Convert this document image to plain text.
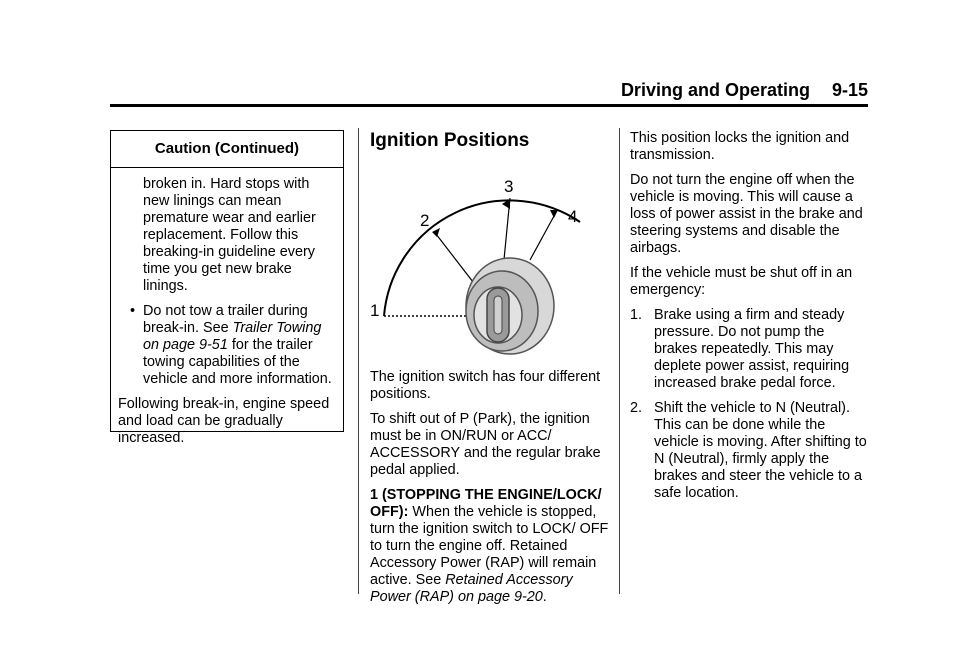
Driving and Operating 9-15
Caution (Continued)

broken in. Hard stops with new linings can mean premature wear and earlier replacement. Follow this breaking-in guideline every time you get new brake linings.

• Do not tow a trailer during break-in. See Trailer Towing on page 9-51 for the trailer towing capabilities of the vehicle and more information.

Following break-in, engine speed and load can be gradually increased.

Ignition Positions
1
2
3
4

The ignition switch has four different positions.

To shift out of P (Park), the ignition must be in ON/RUN or ACC/ ACCESSORY and the regular brake pedal applied.

1 (STOPPING THE ENGINE/LOCK/ OFF): When the vehicle is stopped, turn the ignition switch to LOCK/ OFF to turn the engine off. Retained Accessory Power (RAP) will remain active. See Retained Accessory Power (RAP) on page 9-20.

This position locks the ignition and transmission.

Do not turn the engine off when the vehicle is moving. This will cause a loss of power assist in the brake and steering systems and disable the airbags.

If the vehicle must be shut off in an emergency:

1. Brake using a firm and steady pressure. Do not pump the brakes repeatedly. This may deplete power assist, requiring increased brake pedal force.
2. Shift the vehicle to N (Neutral). This can be done while the vehicle is moving. After shifting to N (Neutral), firmly apply the brakes and steer the vehicle to a safe location.
